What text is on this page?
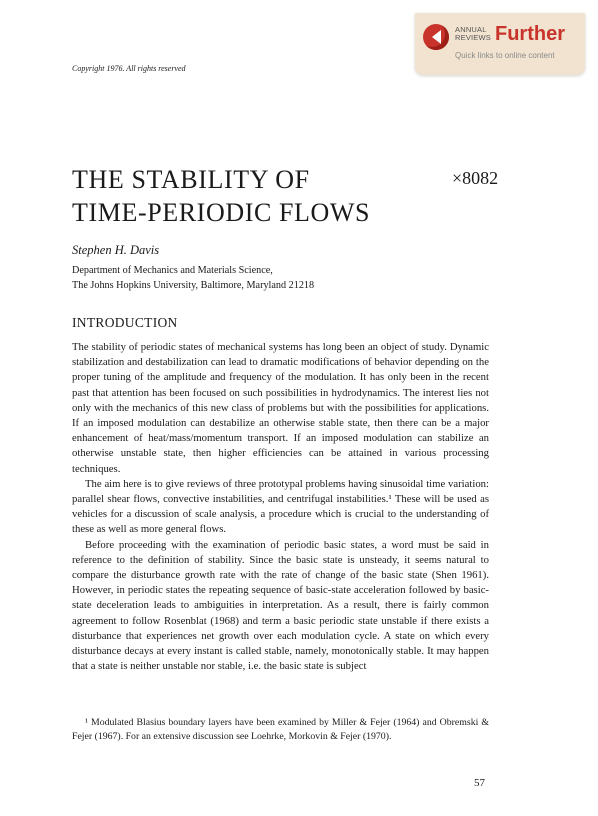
ANNUAL
REVIEWS Further
Quick links to online content
Copyright 1976. All rights reserved
THE STABILITY OF
TIME-PERIODIC FLOWS
×8082
Stephen H. Davis
Department of Mechanics and Materials Science,
The Johns Hopkins University, Baltimore, Maryland 21218
INTRODUCTION

The stability of periodic states of mechanical systems has long been an object of study. Dynamic stabilization and destabilization can lead to dramatic modifications of behavior depending on the proper tuning of the amplitude and frequency of the modulation. It has only been in the recent past that attention has been focused on such possibilities in hydrodynamics. The interest lies not only with the mechanics of this new class of problems but with the possibilities for applications. If an imposed modulation can destabilize an otherwise stable state, then there can be a major enhancement of heat/mass/momentum transport. If an imposed modulation can stabilize an otherwise unstable state, then higher efficiencies can be attained in various processing techniques.

The aim here is to give reviews of three prototypal problems having sinusoidal time variation: parallel shear flows, convective instabilities, and centrifugal instabilities.¹ These will be used as vehicles for a discussion of scale analysis, a procedure which is crucial to the understanding of these as well as more general flows.

Before proceeding with the examination of periodic basic states, a word must be said in reference to the definition of stability. Since the basic state is unsteady, it seems natural to compare the disturbance growth rate with the rate of change of the basic state (Shen 1961). However, in periodic states the repeating sequence of basic-state acceleration followed by basic-state deceleration leads to ambiguities in interpretation. As a result, there is fairly common agreement to follow Rosenblat (1968) and term a basic periodic state unstable if there exists a disturbance that experiences net growth over each modulation cycle. A state on which every disturbance decays at every instant is called stable, namely, monotonically stable. It may happen that a state is neither unstable nor stable, i.e. the basic state is subject

¹ Modulated Blasius boundary layers have been examined by Miller & Fejer (1964) and Obremski & Fejer (1967). For an extensive discussion see Loehrke, Morkovin & Fejer (1970).
57
